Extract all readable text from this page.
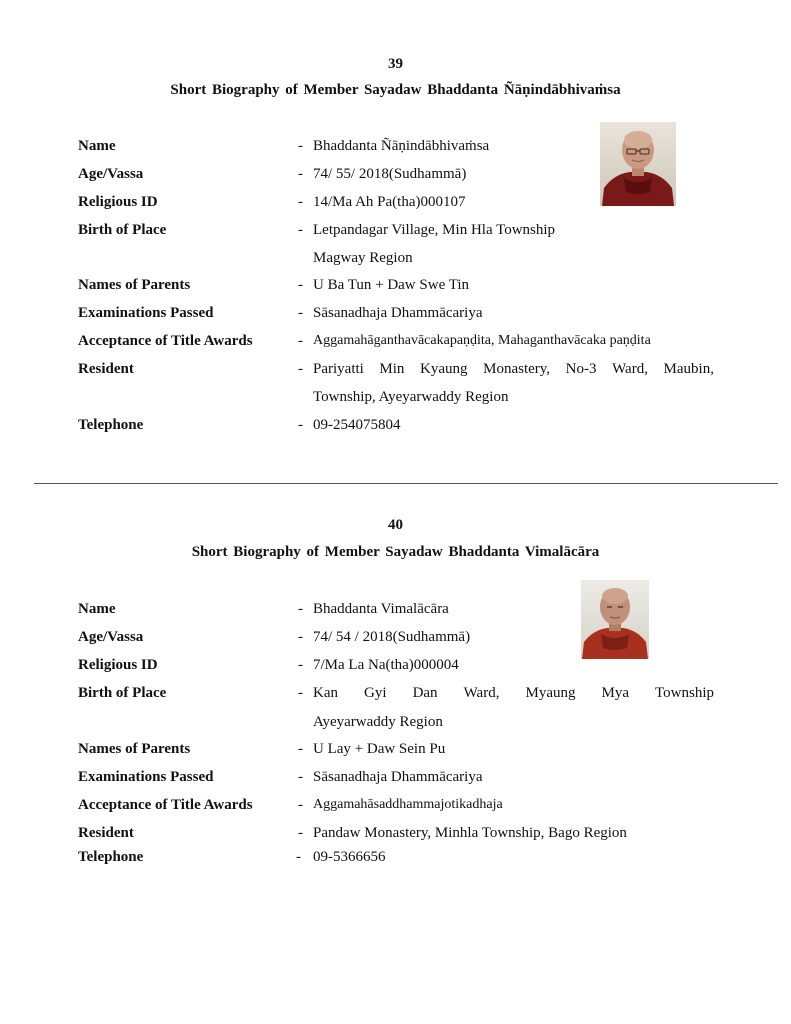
39
Short Biography of Member Sayadaw Bhaddanta Ñāṇindābhivaṁsa
Name	- Bhaddanta Ñāṇindābhivaṁsa
Age/Vassa	- 74/ 55/ 2018(Sudhammā)
Religious ID	- 14/Ma Ah Pa(tha)000107
Birth of Place	- Letpandagar Village, Min Hla Township
Magway Region
Names of Parents	- U Ba Tun + Daw Swe Tin
Examinations Passed	- Sāsanadhaja Dhammācariya
Acceptance of Title Awards	- Aggamahāganthavācakapaṇḍita, Mahaganthavācaka paṇḍita
Resident	- Pariyatti Min Kyaung Monastery, No-3 Ward, Maubin,
Township, Ayeyarwaddy Region
Telephone	- 09-254075804
40
Short Biography of Member Sayadaw Bhaddanta Vimalācāra
Name	- Bhaddanta Vimalācāra
Age/Vassa	- 74/ 54 / 2018(Sudhammā)
Religious ID	- 7/Ma La Na(tha)000004
Birth of Place	- Kan Gyi Dan Ward, Myaung Mya Township
Ayeyarwaddy Region
Names of Parents	- U Lay + Daw Sein Pu
Examinations Passed	- Sāsanadhaja Dhammācariya
Acceptance of Title Awards	- Aggamahāsaddhammajotikadhaja
Resident	- Pandaw Monastery, Minhla Township, Bago Region
Telephone	- 09-5366656
